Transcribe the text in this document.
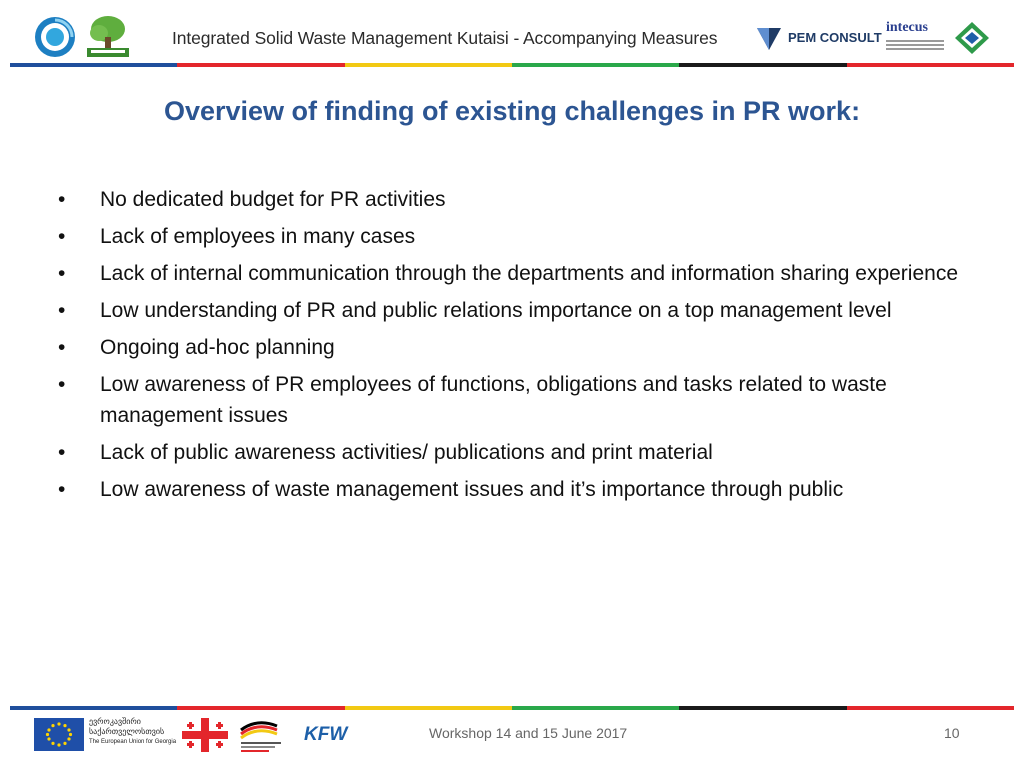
Integrated Solid Waste Management Kutaisi - Accompanying Measures	PEM CONSULT
intecus
Overview of finding of existing challenges in PR work:
•	No dedicated budget for PR activities
•	Lack of employees in many cases
•	Lack of internal communication through the departments and information sharing experience
•	Low understanding of PR and public relations importance on a top management level
•	Ongoing ad-hoc planning
•	Low awareness of PR employees of functions, obligations and tasks related to waste management issues
•	Lack of public awareness activities/ publications and print material
•	Low awareness of waste management issues and it’s importance through public
ევროკავშირი
საქართველოსთვის
The European Union for Georgia	KFW	Workshop 14 and 15 June 2017	10
